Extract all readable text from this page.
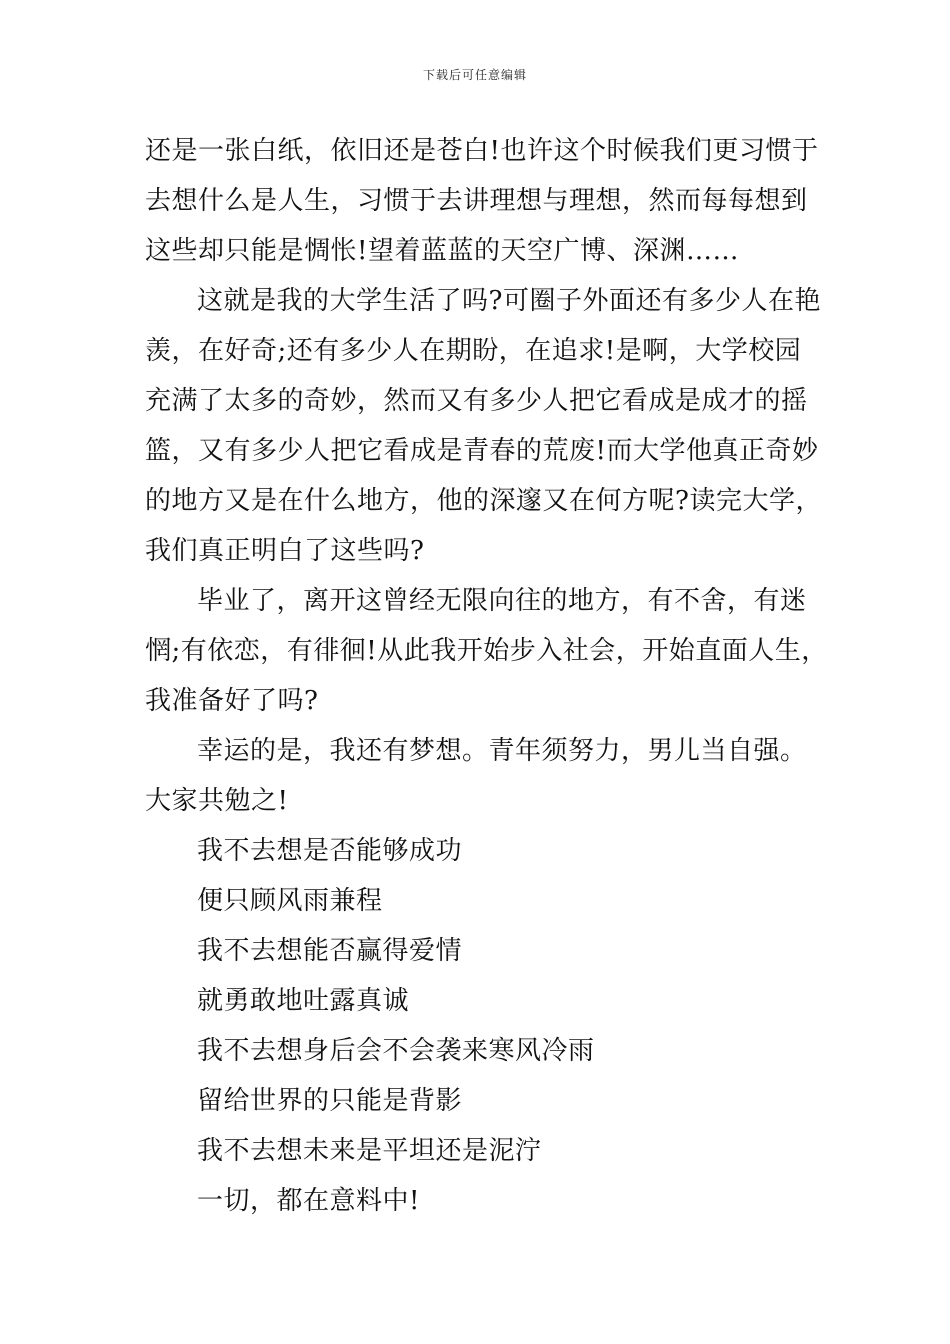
下载后可任意编辑
还是一张白纸，依旧还是苍白!也许这个时候我们更习惯于
去想什么是人生，习惯于去讲理想与理想，然而每每想到
这些却只能是惆怅!望着蓝蓝的天空广博、深渊……
这就是我的大学生活了吗?可圈子外面还有多少人在艳
羡，在好奇;还有多少人在期盼，在追求!是啊，大学校园
充满了太多的奇妙，然而又有多少人把它看成是成才的摇
篮，又有多少人把它看成是青春的荒废!而大学他真正奇妙
的地方又是在什么地方，他的深邃又在何方呢?读完大学，
我们真正明白了这些吗?
毕业了，离开这曾经无限向往的地方，有不舍，有迷
惘;有依恋，有徘徊!从此我开始步入社会，开始直面人生，
我准备好了吗?
幸运的是，我还有梦想。青年须努力，男儿当自强。
大家共勉之!
我不去想是否能够成功
便只顾风雨兼程
我不去想能否赢得爱情
就勇敢地吐露真诚
我不去想身后会不会袭来寒风冷雨
留给世界的只能是背影
我不去想未来是平坦还是泥泞
一切，都在意料中!
